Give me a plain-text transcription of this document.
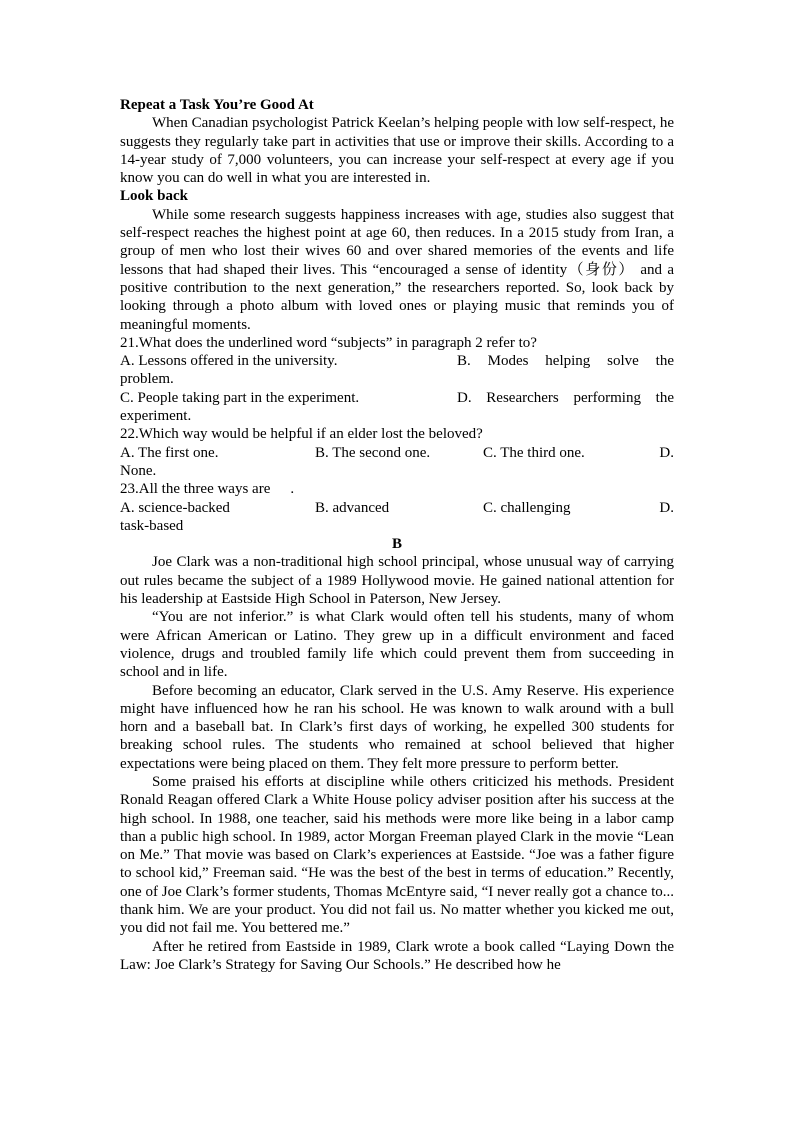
Repeat a Task You’re Good At

When Canadian psychologist Patrick Keelan’s helping people with low self-respect, he suggests they regularly take part in activities that use or improve their skills. According to a 14-year study of 7,000 volunteers, you can increase your self-respect at every age if you know you can do well in what you are interested in.

Look back

While some research suggests happiness increases with age, studies also suggest that self-respect reaches the highest point at age 60, then reduces. In a 2015 study from Iran, a group of men who lost their wives 60 and over shared memories of the events and life lessons that had shaped their lives. This “encouraged a sense of identity（身份） and a positive contribution to the next generation,” the researchers reported. So, look back by looking through a photo album with loved ones or playing music that reminds you of meaningful moments.

21.What does the underlined word “subjects” in paragraph 2 refer to?

A. Lessons offered in the university.	B. Modes helping solve the

problem.

C. People taking part in the experiment.	D. Researchers performing the

experiment.

22.Which way would be helpful if an elder lost the beloved?

A. The first one.	B. The second one.	C. The third one.	D.

None.

23.All the three ways are .

A. science-backed	B. advanced	C. challenging	D.

task-based

B

Joe Clark was a non-traditional high school principal, whose unusual way of carrying out rules became the subject of a 1989 Hollywood movie. He gained national attention for his leadership at Eastside High School in Paterson, New Jersey.

“You are not inferior.” is what Clark would often tell his students, many of whom were African American or Latino. They grew up in a difficult environment and faced violence, drugs and troubled family life which could prevent them from succeeding in school and in life.

Before becoming an educator, Clark served in the U.S. Amy Reserve. His experience might have influenced how he ran his school. He was known to walk around with a bull horn and a baseball bat. In Clark’s first days of working, he expelled 300 students for breaking school rules. The students who remained at school believed that higher expectations were being placed on them. They felt more pressure to perform better.

Some praised his efforts at discipline while others criticized his methods. President Ronald Reagan offered Clark a White House policy adviser position after his success at the high school. In 1988, one teacher, said his methods were more like being in a labor camp than a public high school. In 1989, actor Morgan Freeman played Clark in the movie “Lean on Me.” That movie was based on Clark’s experiences at Eastside. “Joe was a father figure to school kid,” Freeman said. “He was the best of the best in terms of education.” Recently, one of Joe Clark’s former students, Thomas McEntyre said, “I never really got a chance to... thank him. We are your product. You did not fail us. No matter whether you kicked me out, you did not fail me. You bettered me.”

After he retired from Eastside in 1989, Clark wrote a book called “Laying Down the Law: Joe Clark’s Strategy for Saving Our Schools.” He described how he
